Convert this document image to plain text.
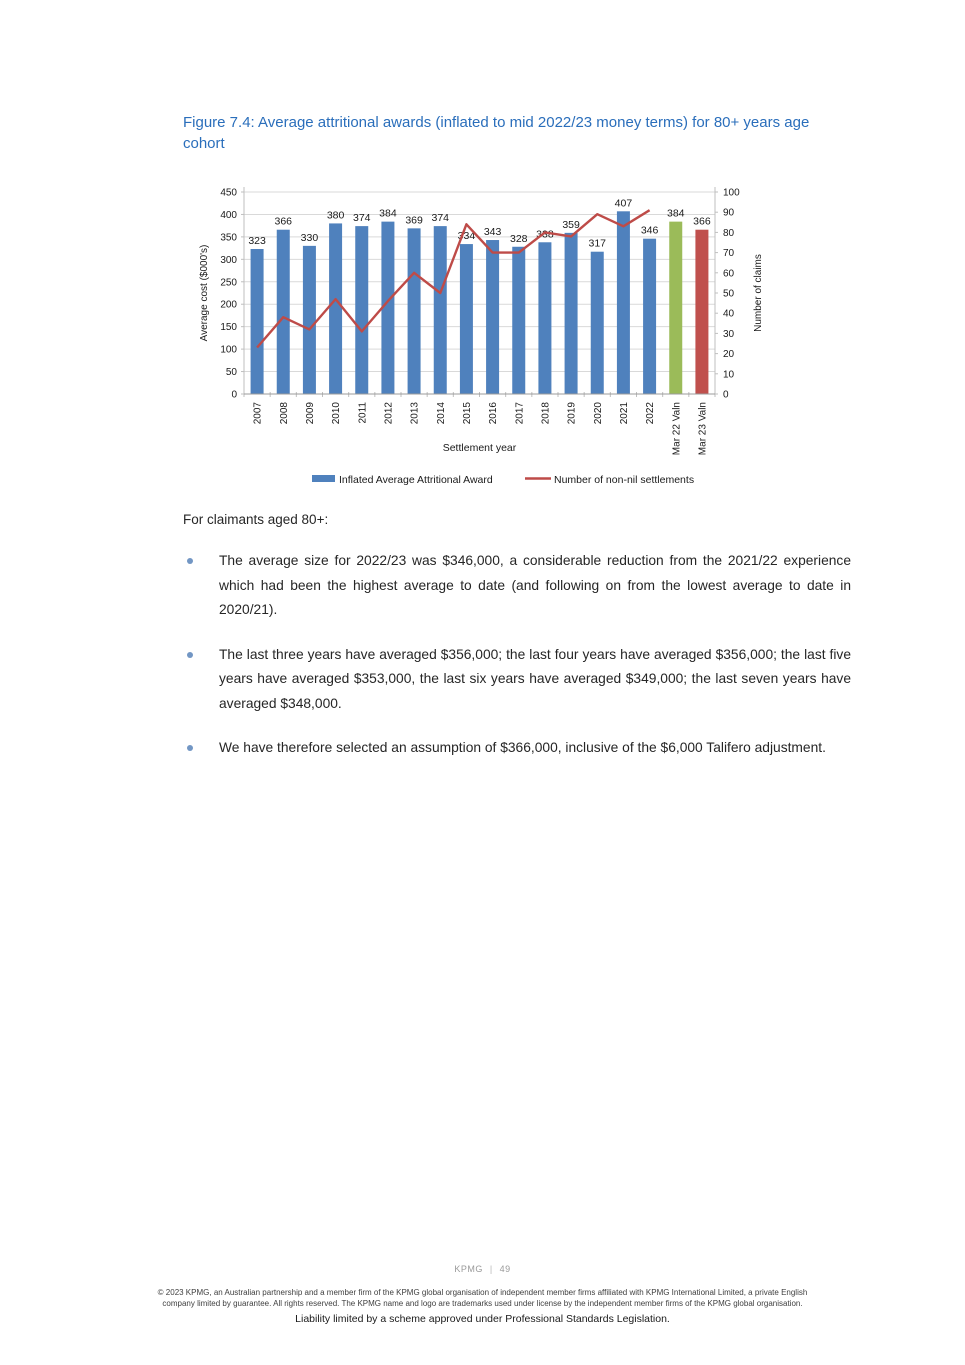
Figure 7.4: Average attritional awards (inflated to mid 2022/23 money terms) for 80+ years age cohort
323
366
330
380 374 384
369 374
334 343
328 338
359
317
407
346
384
366
0
50
100
150
200
250
300
350
400
450
0
10
20
30
40
50
60
70
80
90
100
2007 2008 2009 2010 2011 2012 2013 2014 2015 2016 2017 2018 2019 2020 2021 2022 Mar 22 Valn Mar 23 Valn
Average cost ($000's)	Number of claims
Settlement year
Inflated Average Attritional Award	Number of non-nil settlements

For claimants aged 80+:

The average size for 2022/23 was $346,000, a considerable reduction from the 2021/22 experience which had been the highest average to date (and following on from the lowest average to date in 2020/21).
The last three years have averaged $356,000; the last four years have averaged $356,000; the last five years have averaged $353,000, the last six years have averaged $349,000; the last seven years have averaged $348,000.
We have therefore selected an assumption of $366,000, inclusive of the $6,000 Talifero adjustment.
KPMG | 49
© 2023 KPMG, an Australian partnership and a member firm of the KPMG global organisation of independent member firms affiliated with KPMG International Limited, a private English
company limited by guarantee. All rights reserved. The KPMG name and logo are trademarks used under license by the independent member firms of the KPMG global organisation.
Liability limited by a scheme approved under Professional Standards Legislation.
